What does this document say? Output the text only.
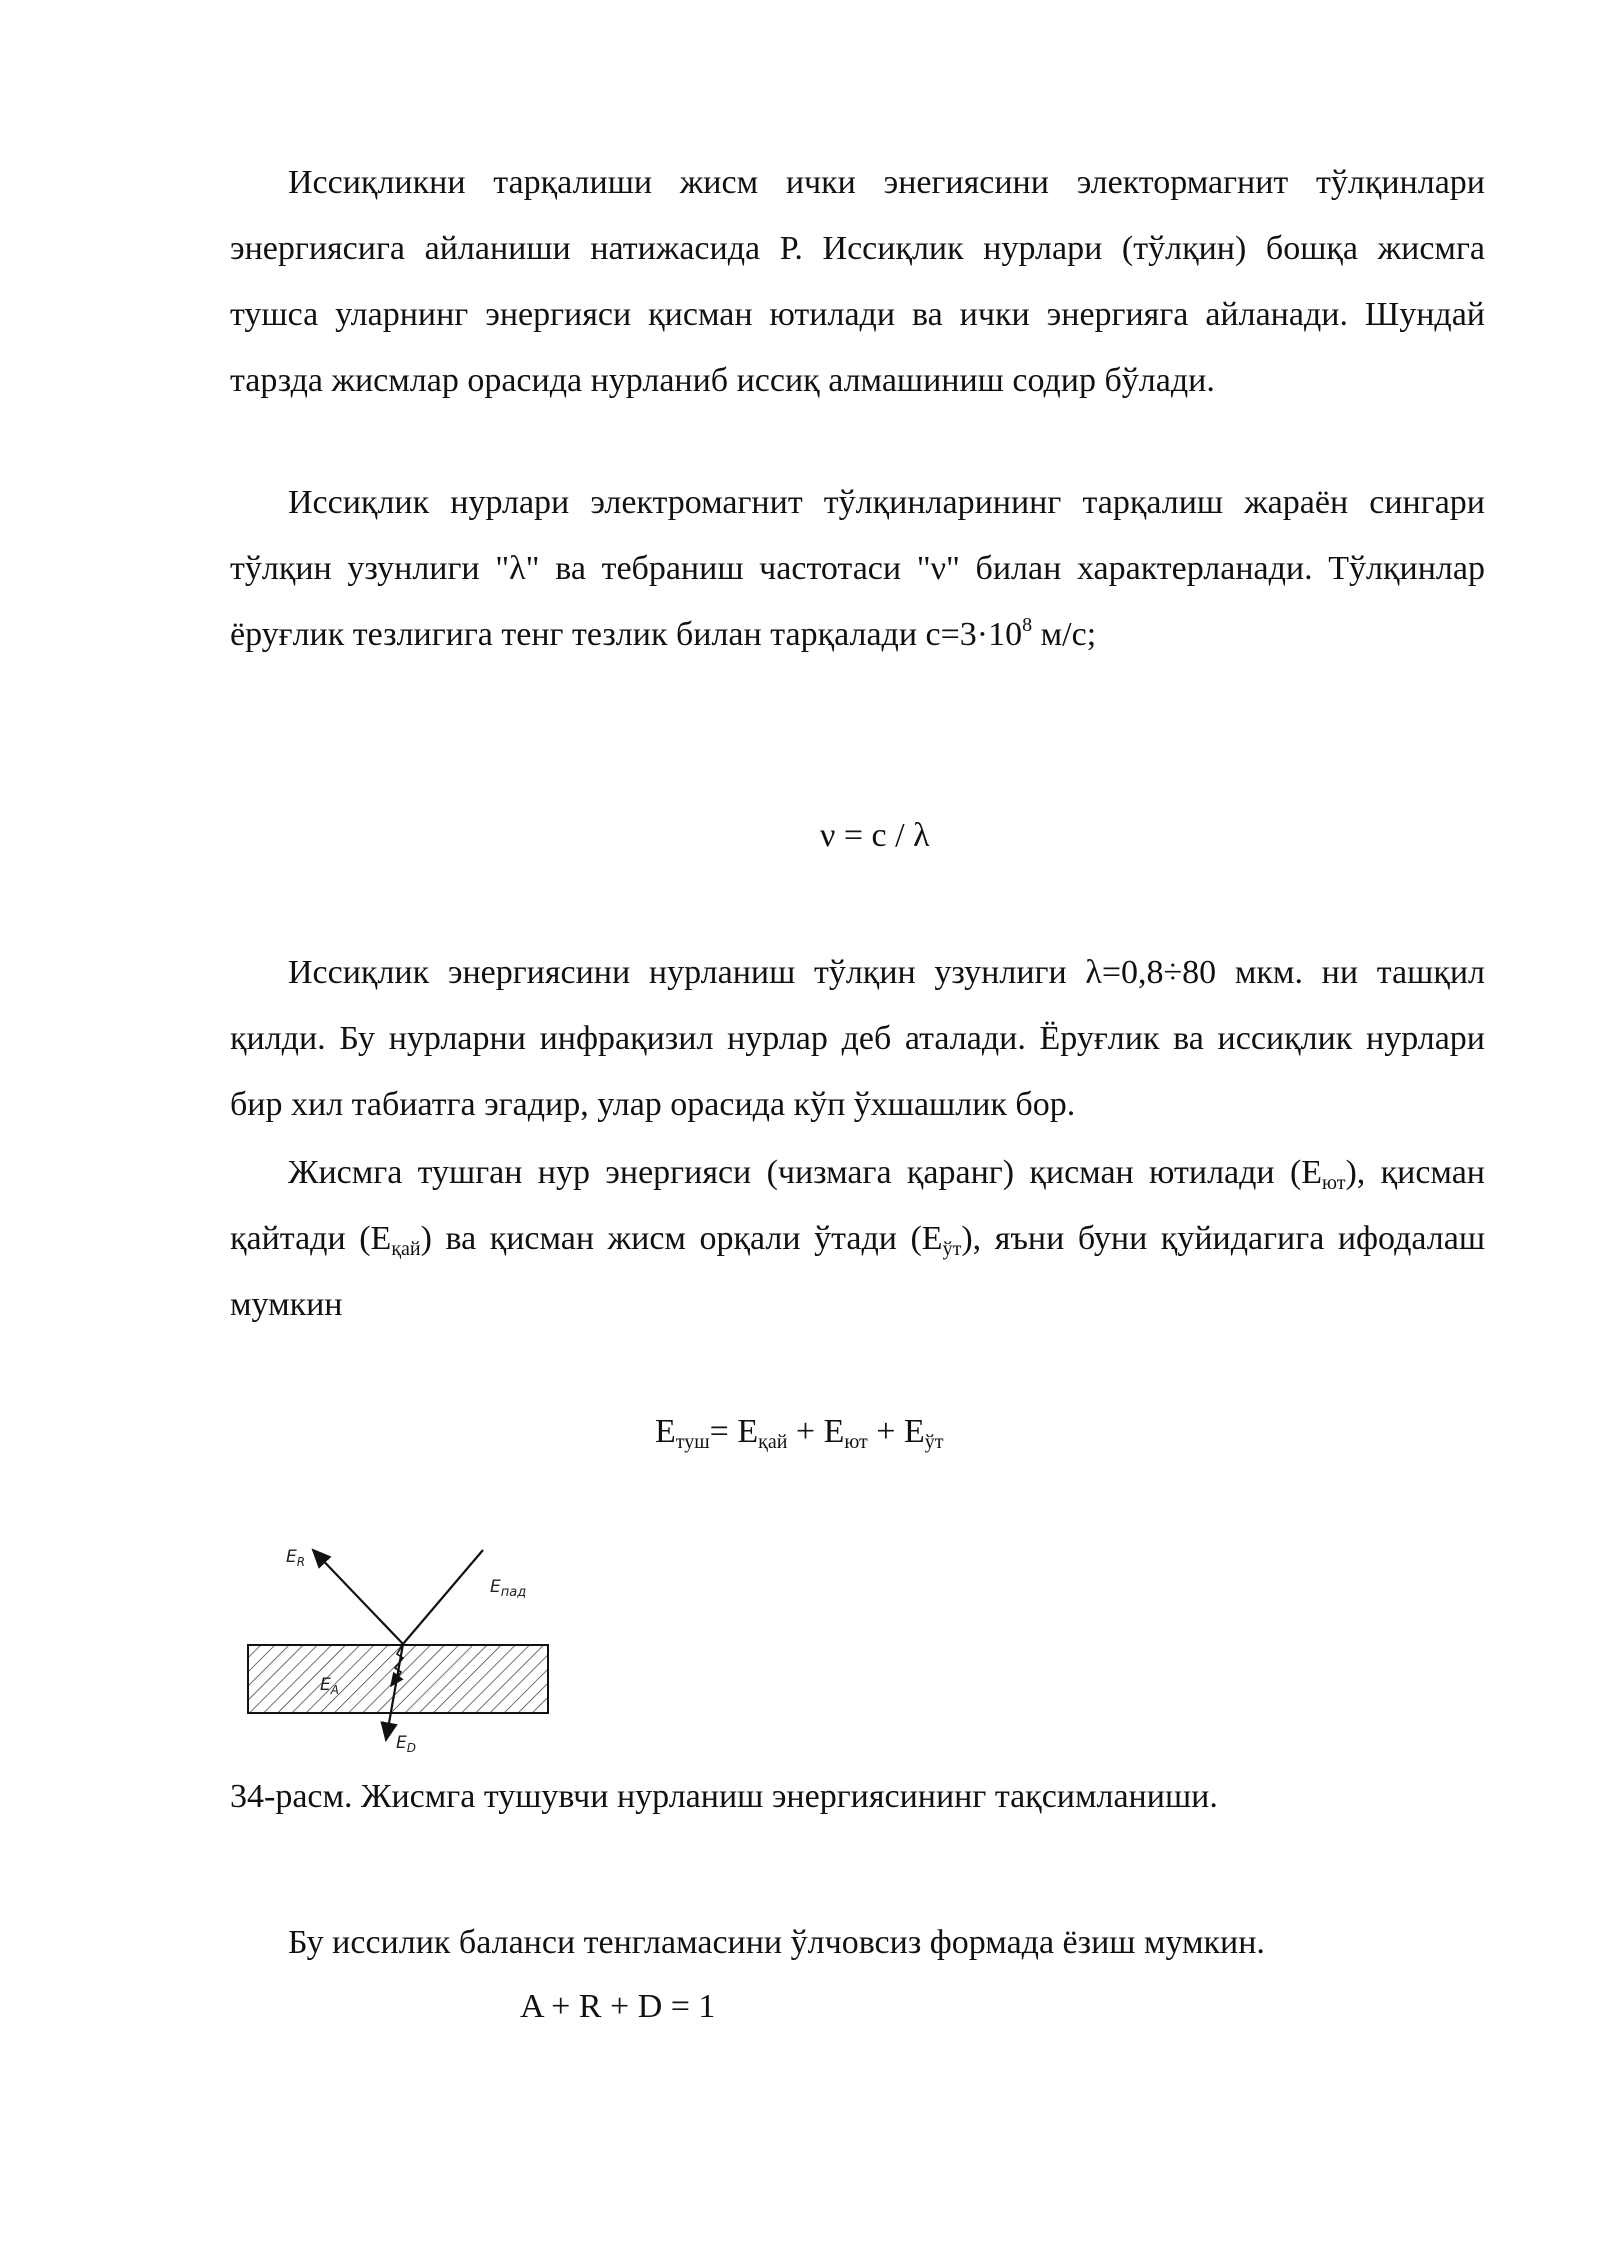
Иссиқликни тарқалиши жисм ички энегиясини электормагнит тўлқинлари энергиясига айланиши натижасида Р. Иссиқлик нурлари (тўлқин) бошқа жисмга тушса уларнинг энергияси қисман ютилади ва ички энергияга айланади. Шундай тарзда жисмлар орасида нурланиб иссиқ алмашиниш содир бўлади.

Иссиқлик нурлари электромагнит тўлқинларининг тарқалиш жараён сингари тўлқин узунлиги "λ" ва тебраниш частотаси "ν" билан характерланади. Тўлқинлар ёруғлик тезлигига тенг тезлик билан тарқалади $c=3\cdot 10^8$ м/с;

ν = c / λ

Иссиқлик энергиясини нурланиш тўлқин узунлиги λ=0,8÷80 мкм. ни ташқил қилди. Бу нурларни инфрақизил нурлар деб аталади. Ёруғлик ва иссиқлик нурлари бир хил табиатга эгадир, улар орасида кўп ўхшашлик бор.

Жисмга тушган нур энергияси (чизмага қаранг) қисман ютилади $(Е_{ют})$, қисман қайтади $(Е_{қай})$ ва қисман жисм орқали ўтади $(Е_{ўт})$, яъни буни қуйидагига ифодалаш мумкин

$Е_{туш}= Е_{қай} + Е_{ют} + Е_{ўт}$
$E_R$
$E_{пад}$
$E_A$
$E_D$
34-расм. Жисмга тушувчи нурланиш энергиясининг тақсимланиши.

Бу иссилик баланси тенгламасини ўлчовсиз формада ёзиш мумкин.

A + R + D = 1
